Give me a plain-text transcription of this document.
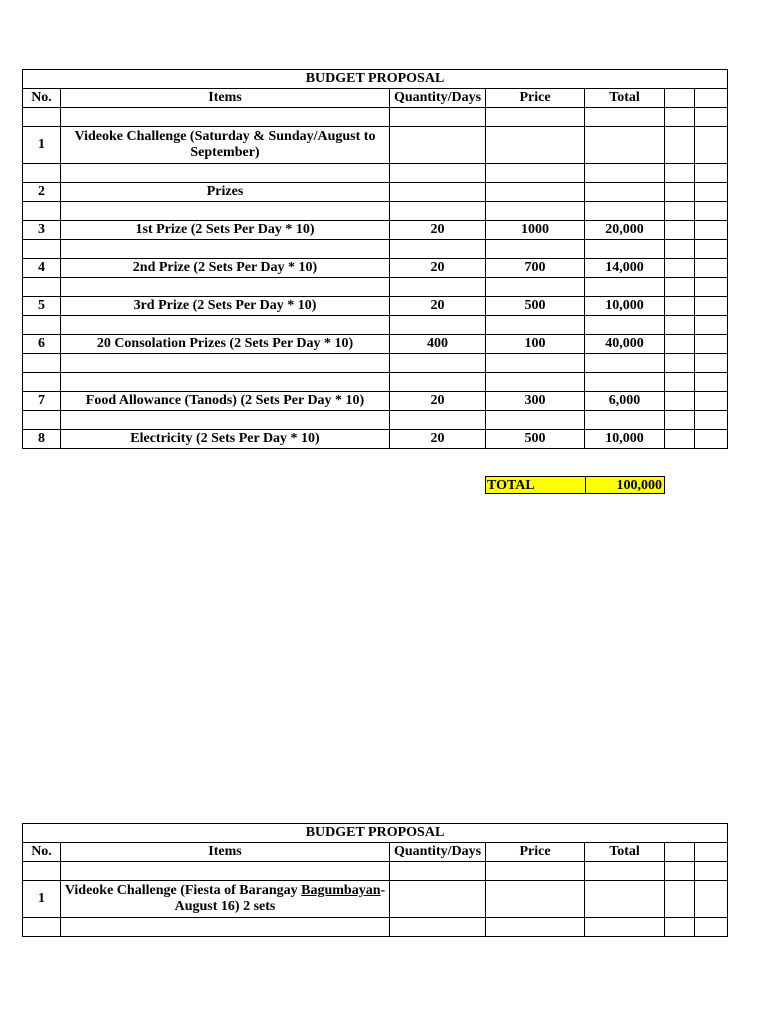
BUDGET PROPOSAL						
No.	Items	Quantity/Days	Price	Total		

1	Videoke Challenge (Saturday & Sunday/August to September)					

2	Prizes					

3	1st Prize (2 Sets Per Day * 10)	20	1000	20,000		

4	2nd Prize (2 Sets Per Day * 10)	20	700	14,000		

5	3rd Prize (2 Sets Per Day * 10)	20	500	10,000		

6	20 Consolation Prizes (2 Sets Per Day * 10)	400	100	40,000		

7	Food Allowance (Tanods) (2 Sets Per Day * 10)	20	300	6,000		

8	Electricity (2 Sets Per Day * 10)	20	500	10,000		
TOTAL	100,000
BUDGET PROPOSAL						
No.	Items	Quantity/Days	Price	Total		

1	Videoke Challenge (Fiesta of Barangay Bagumbayan-August 16) 2 sets					
